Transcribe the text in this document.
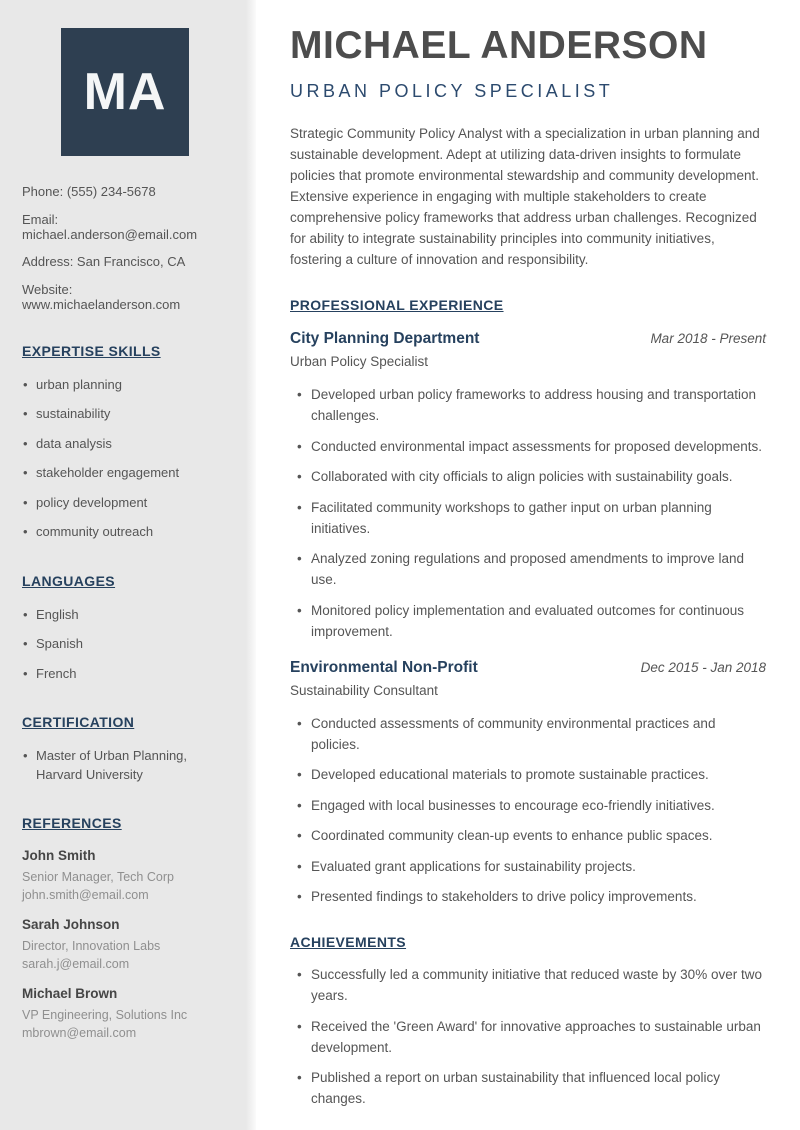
MA
Phone: (555) 234-5678
Email: michael.anderson@email.com
Address: San Francisco, CA
Website: www.michaelanderson.com
EXPERTISE SKILLS
• urban planning
• sustainability
• data analysis
• stakeholder engagement
• policy development
• community outreach
LANGUAGES
• English
• Spanish
• French
CERTIFICATION
• Master of Urban Planning, Harvard University
REFERENCES
John Smith
Senior Manager, Tech Corp
john.smith@email.com
Sarah Johnson
Director, Innovation Labs
sarah.j@email.com
Michael Brown
VP Engineering, Solutions Inc
mbrown@email.com
MICHAEL ANDERSON
URBAN POLICY SPECIALIST
Strategic Community Policy Analyst with a specialization in urban planning and sustainable development. Adept at utilizing data-driven insights to formulate policies that promote environmental stewardship and community development. Extensive experience in engaging with multiple stakeholders to create comprehensive policy frameworks that address urban challenges. Recognized for ability to integrate sustainability principles into community initiatives, fostering a culture of innovation and responsibility.
PROFESSIONAL EXPERIENCE
City Planning Department	Mar 2018 - Present
Urban Policy Specialist
• Developed urban policy frameworks to address housing and transportation challenges.
• Conducted environmental impact assessments for proposed developments.
• Collaborated with city officials to align policies with sustainability goals.
• Facilitated community workshops to gather input on urban planning initiatives.
• Analyzed zoning regulations and proposed amendments to improve land use.
• Monitored policy implementation and evaluated outcomes for continuous improvement.
Environmental Non-Profit	Dec 2015 - Jan 2018
Sustainability Consultant
• Conducted assessments of community environmental practices and policies.
• Developed educational materials to promote sustainable practices.
• Engaged with local businesses to encourage eco-friendly initiatives.
• Coordinated community clean-up events to enhance public spaces.
• Evaluated grant applications for sustainability projects.
• Presented findings to stakeholders to drive policy improvements.
ACHIEVEMENTS
• Successfully led a community initiative that reduced waste by 30% over two years.
• Received the 'Green Award' for innovative approaches to sustainable urban development.
• Published a report on urban sustainability that influenced local policy changes.
